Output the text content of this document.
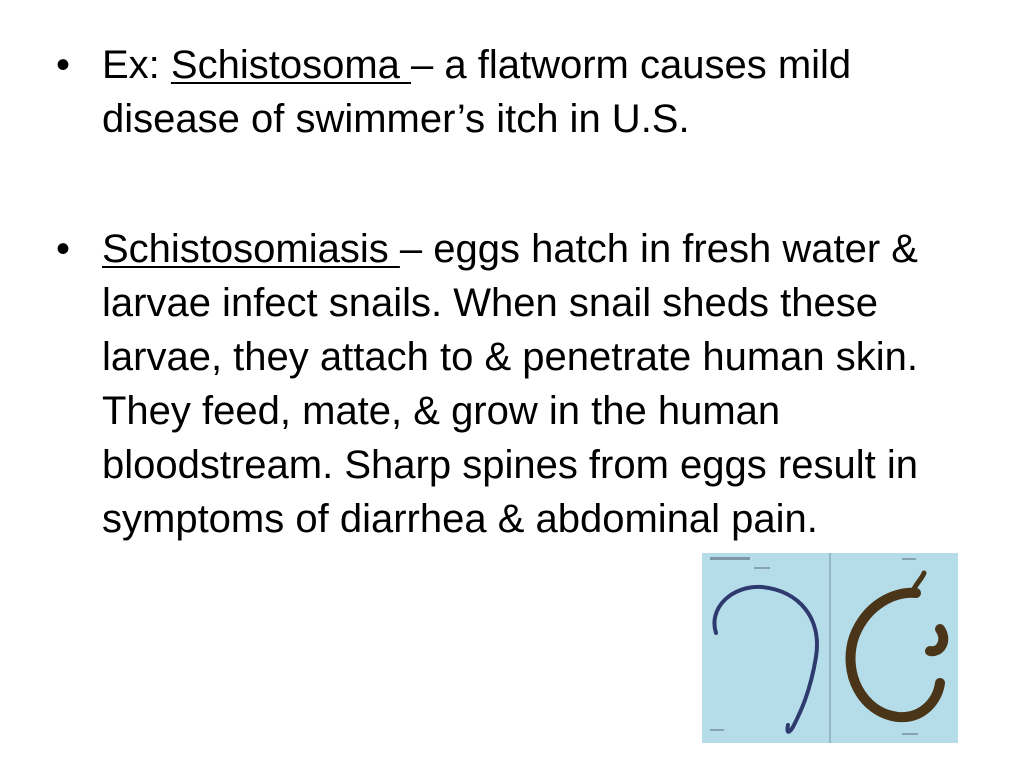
• Ex: Schistosoma – a flatworm causes mild disease of swimmer’s itch in U.S.
• Schistosomiasis – eggs hatch in fresh water & larvae infect snails. When snail sheds these larvae, they attach to & penetrate human skin. They feed, mate, & grow in the human bloodstream. Sharp spines from eggs result in symptoms of diarrhea & abdominal pain.
